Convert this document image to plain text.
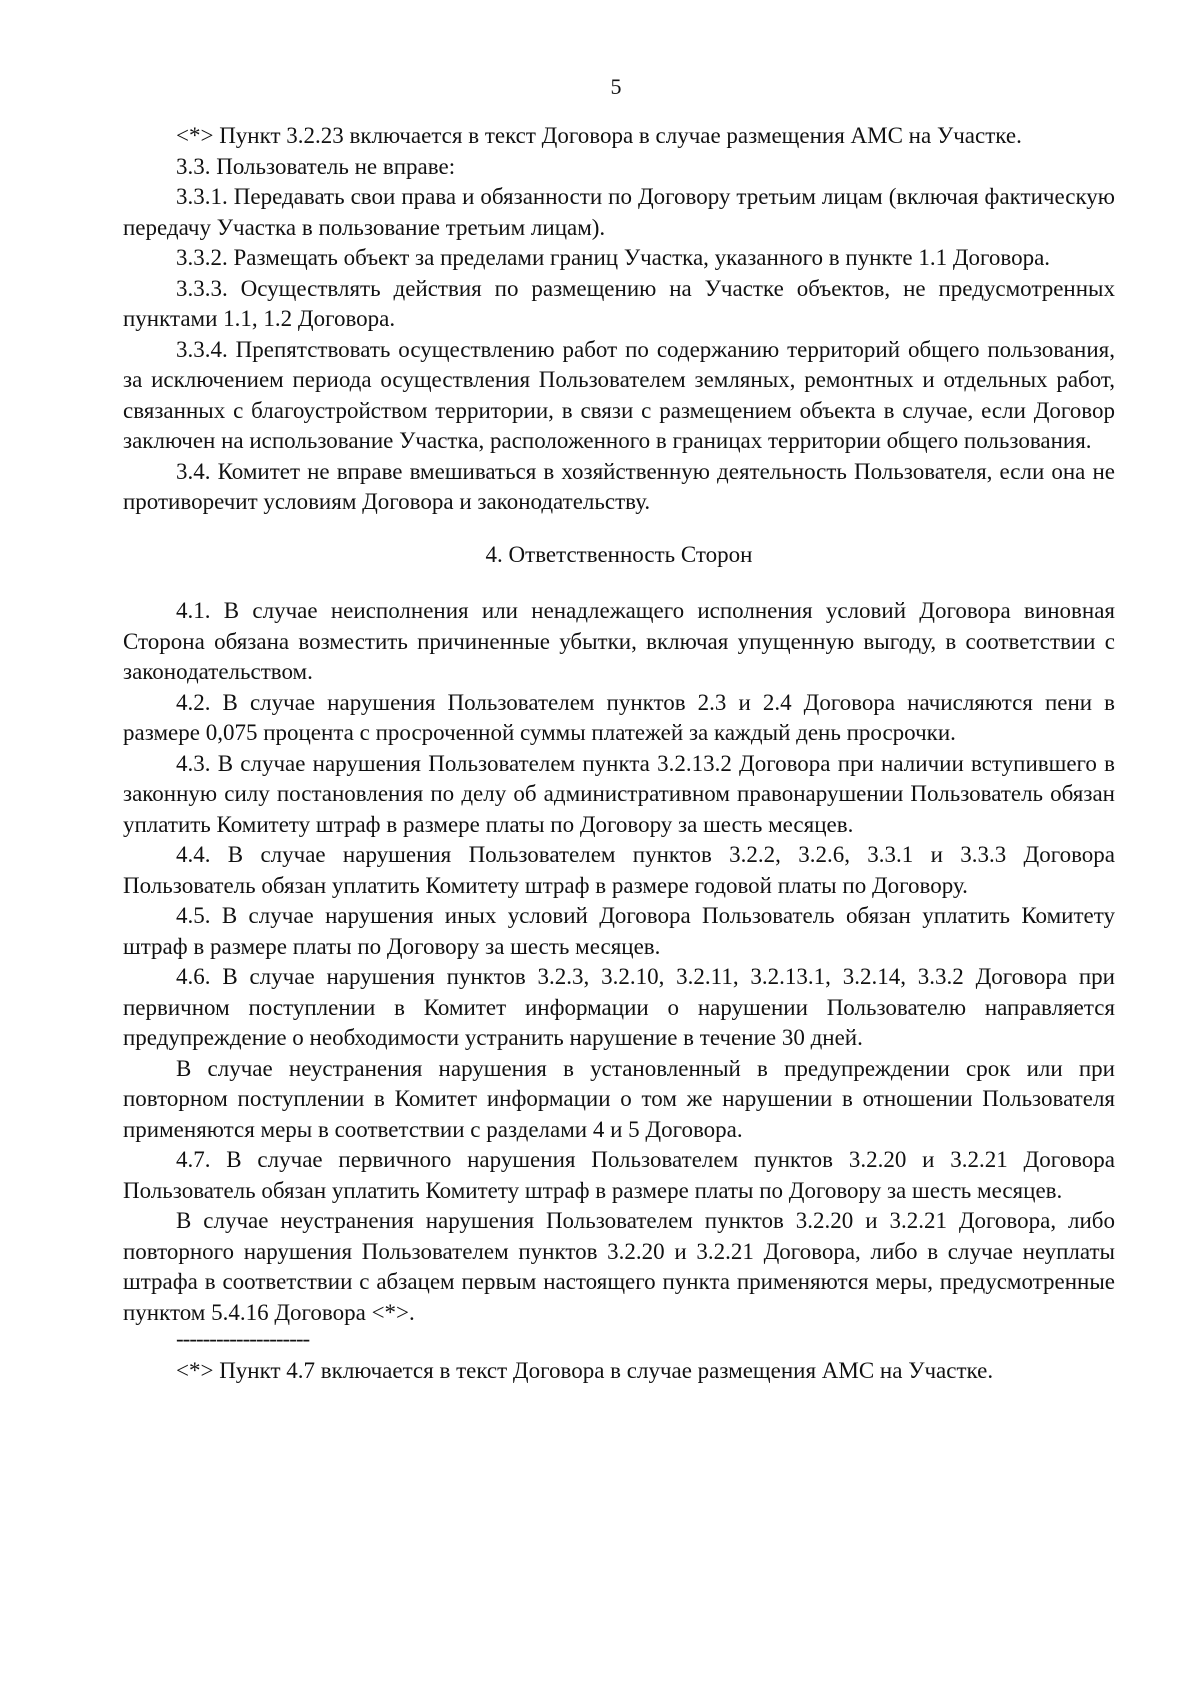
5

<*> Пункт 3.2.23 включается в текст Договора в случае размещения АМС на Участке.

3.3. Пользователь не вправе:

3.3.1. Передавать свои права и обязанности по Договору третьим лицам (включая фактическую передачу Участка в пользование третьим лицам).

3.3.2. Размещать объект за пределами границ Участка, указанного в пункте 1.1 Договора.

3.3.3. Осуществлять действия по размещению на Участке объектов, не предусмотренных пунктами 1.1, 1.2 Договора.

3.3.4. Препятствовать осуществлению работ по содержанию территорий общего пользования, за исключением периода осуществления Пользователем земляных, ремонтных и отдельных работ, связанных с благоустройством территории, в связи с размещением объекта в случае, если Договор заключен на использование Участка, расположенного в границах территории общего пользования.

3.4. Комитет не вправе вмешиваться в хозяйственную деятельность Пользователя, если она не противоречит условиям Договора и законодательству.

4. Ответственность Сторон

4.1. В случае неисполнения или ненадлежащего исполнения условий Договора виновная Сторона обязана возместить причиненные убытки, включая упущенную выгоду, в соответствии с законодательством.

4.2. В случае нарушения Пользователем пунктов 2.3 и 2.4 Договора начисляются пени в размере 0,075 процента с просроченной суммы платежей за каждый день просрочки.

4.3. В случае нарушения Пользователем пункта 3.2.13.2 Договора при наличии вступившего в законную силу постановления по делу об административном правонарушении Пользователь обязан уплатить Комитету штраф в размере платы по Договору за шесть месяцев.

4.4. В случае нарушения Пользователем пунктов 3.2.2, 3.2.6, 3.3.1 и 3.3.3 Договора Пользователь обязан уплатить Комитету штраф в размере годовой платы по Договору.

4.5. В случае нарушения иных условий Договора Пользователь обязан уплатить Комитету штраф в размере платы по Договору за шесть месяцев.

4.6. В случае нарушения пунктов 3.2.3, 3.2.10, 3.2.11, 3.2.13.1, 3.2.14, 3.3.2 Договора при первичном поступлении в Комитет информации о нарушении Пользователю направляется предупреждение о необходимости устранить нарушение в течение 30 дней.

В случае неустранения нарушения в установленный в предупреждении срок или при повторном поступлении в Комитет информации о том же нарушении в отношении Пользователя применяются меры в соответствии с разделами 4 и 5 Договора.

4.7. В случае первичного нарушения Пользователем пунктов 3.2.20 и 3.2.21 Договора Пользователь обязан уплатить Комитету штраф в размере платы по Договору за шесть месяцев.

В случае неустранения нарушения Пользователем пунктов 3.2.20 и 3.2.21 Договора, либо повторного нарушения Пользователем пунктов 3.2.20 и 3.2.21 Договора, либо в случае неуплаты штрафа в соответствии с абзацем первым настоящего пункта применяются меры, предусмотренные пунктом 5.4.16 Договора <*>.

--------------------

<*> Пункт 4.7 включается в текст Договора в случае размещения АМС на Участке.
